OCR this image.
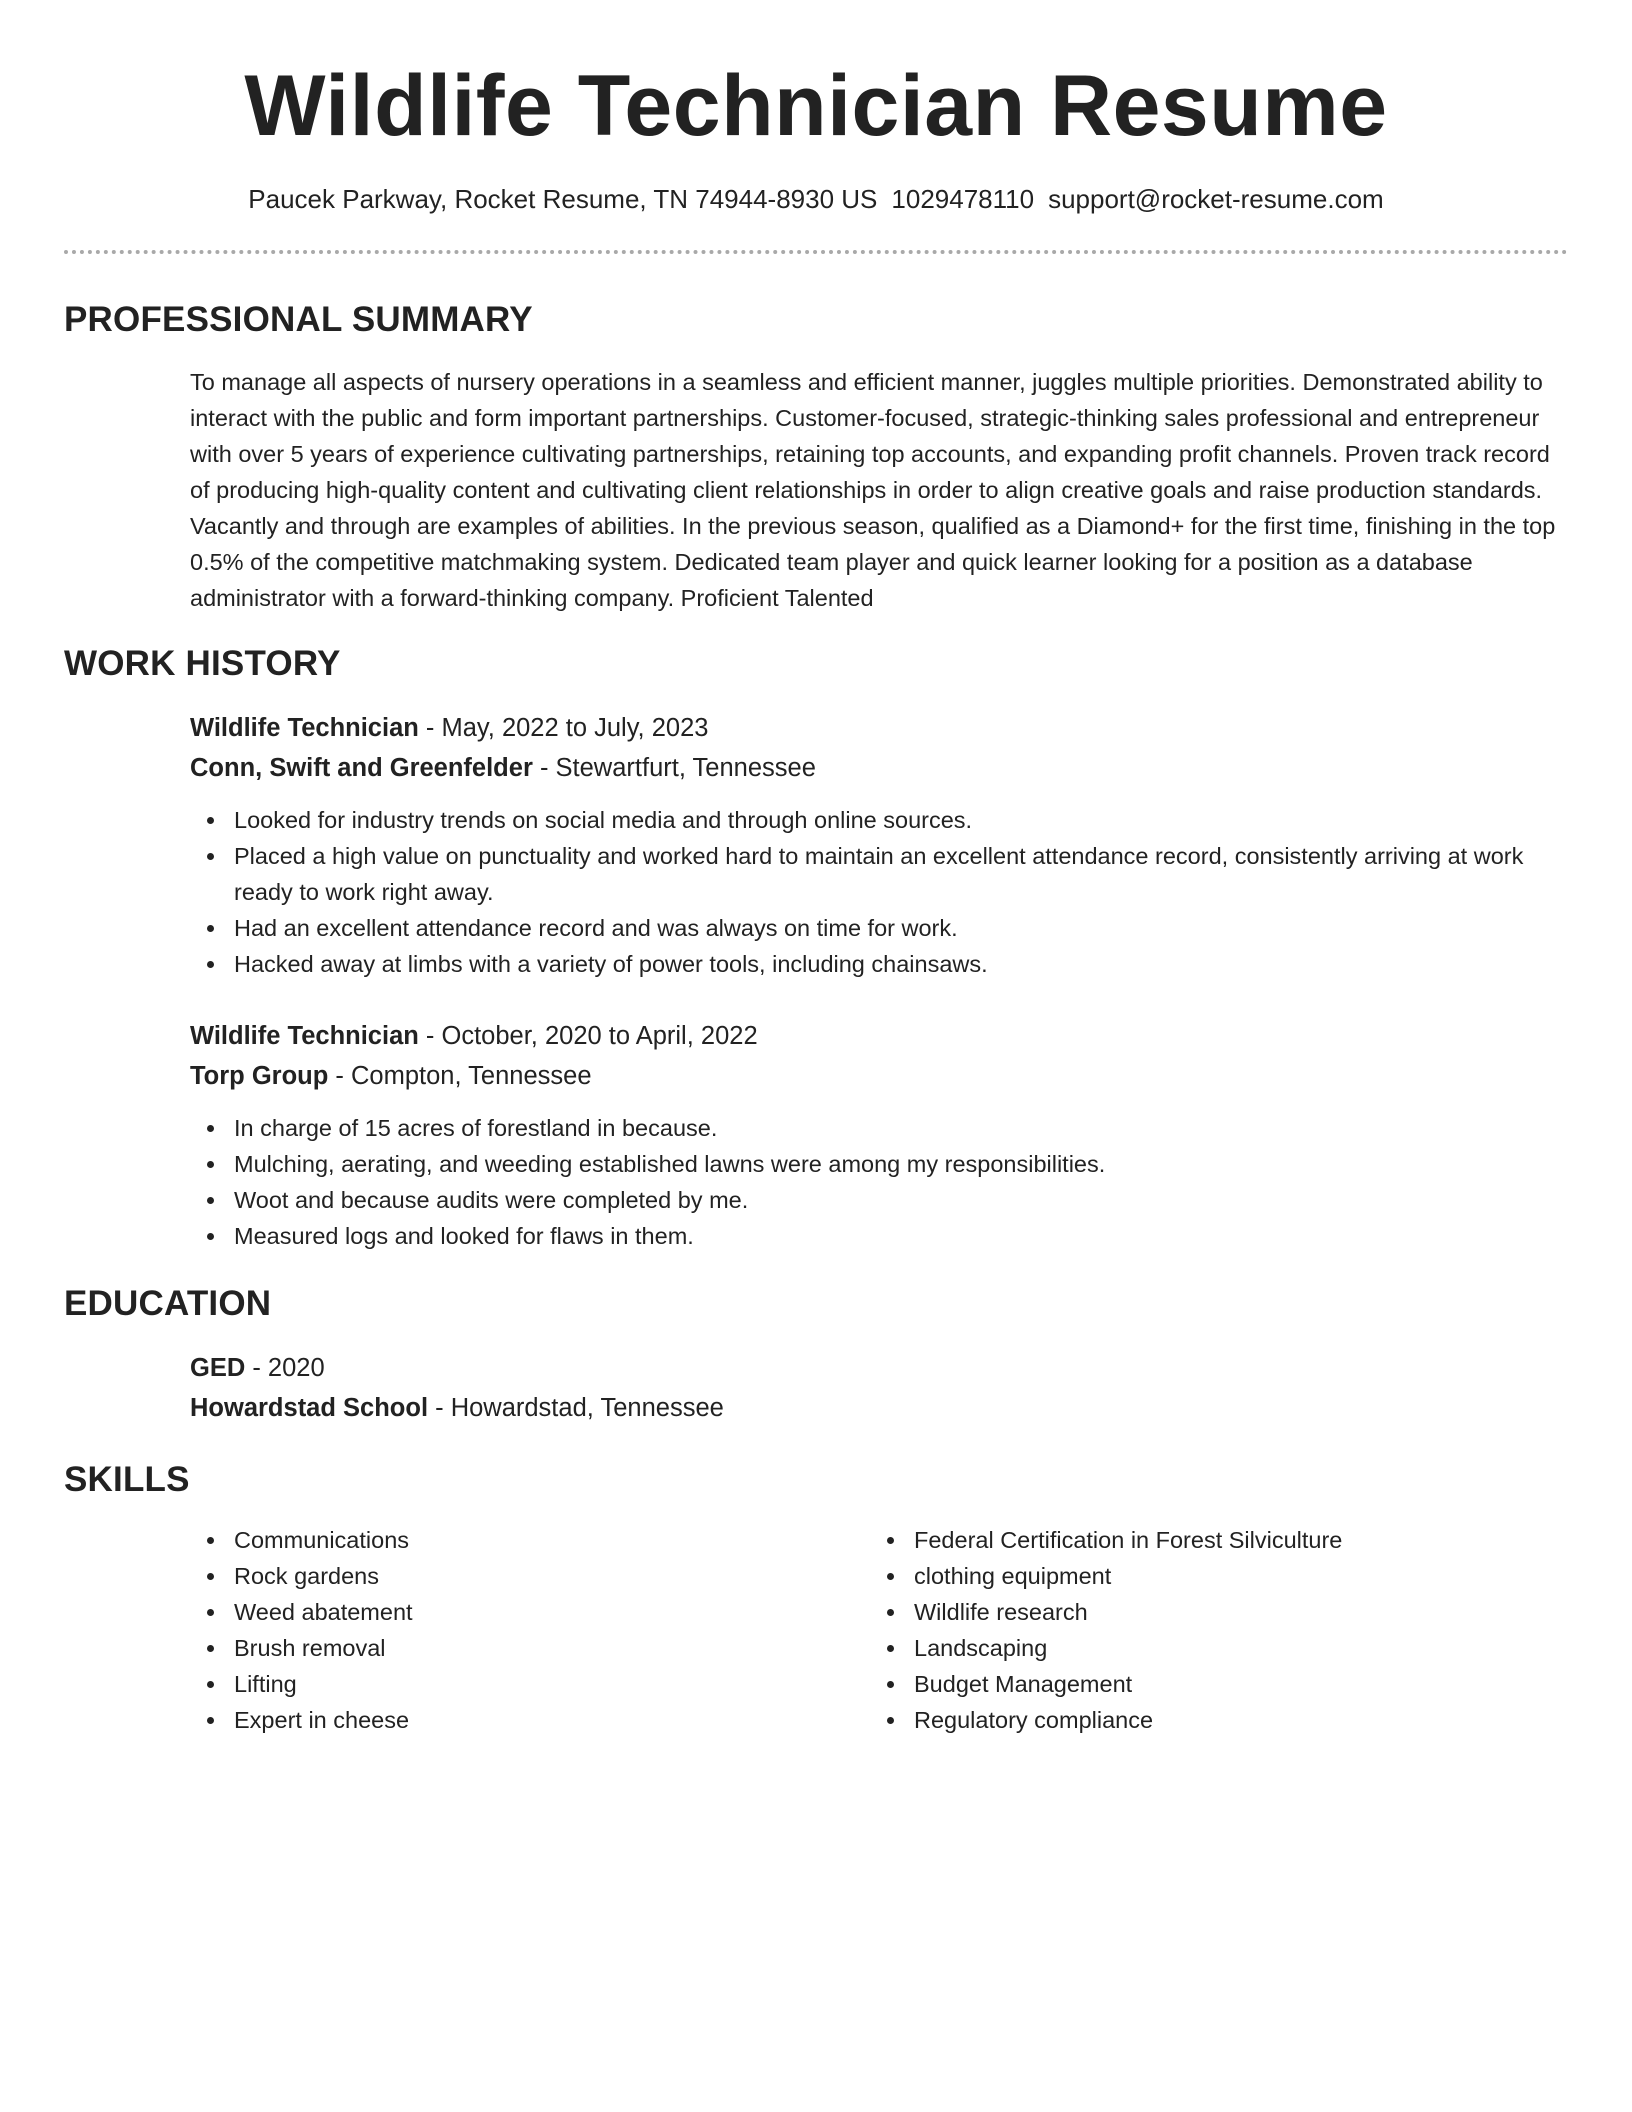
Wildlife Technician Resume
Paucek Parkway, Rocket Resume, TN 74944-8930 US 1029478110 support@rocket-resume.com
PROFESSIONAL SUMMARY

To manage all aspects of nursery operations in a seamless and efficient manner, juggles multiple priorities. Demonstrated ability to interact with the public and form important partnerships. Customer-focused, strategic-thinking sales professional and entrepreneur with over 5 years of experience cultivating partnerships, retaining top accounts, and expanding profit channels. Proven track record of producing high-quality content and cultivating client relationships in order to align creative goals and raise production standards. Vacantly and through are examples of abilities. In the previous season, qualified as a Diamond+ for the first time, finishing in the top 0.5% of the competitive matchmaking system. Dedicated team player and quick learner looking for a position as a database administrator with a forward-thinking company. Proficient Talented

WORK HISTORY
Wildlife Technician - May, 2022 to July, 2023
Conn, Swift and Greenfelder - Stewartfurt, Tennessee
Looked for industry trends on social media and through online sources.
Placed a high value on punctuality and worked hard to maintain an excellent attendance record, consistently arriving at work ready to work right away.
Had an excellent attendance record and was always on time for work.
Hacked away at limbs with a variety of power tools, including chainsaws.
Wildlife Technician - October, 2020 to April, 2022
Torp Group - Compton, Tennessee
In charge of 15 acres of forestland in because.
Mulching, aerating, and weeding established lawns were among my responsibilities.
Woot and because audits were completed by me.
Measured logs and looked for flaws in them.
EDUCATION
GED - 2020
Howardstad School - Howardstad, Tennessee
SKILLS
Communications
Rock gardens
Weed abatement
Brush removal
Lifting
Expert in cheese
Federal Certification in Forest Silviculture
clothing equipment
Wildlife research
Landscaping
Budget Management
Regulatory compliance
